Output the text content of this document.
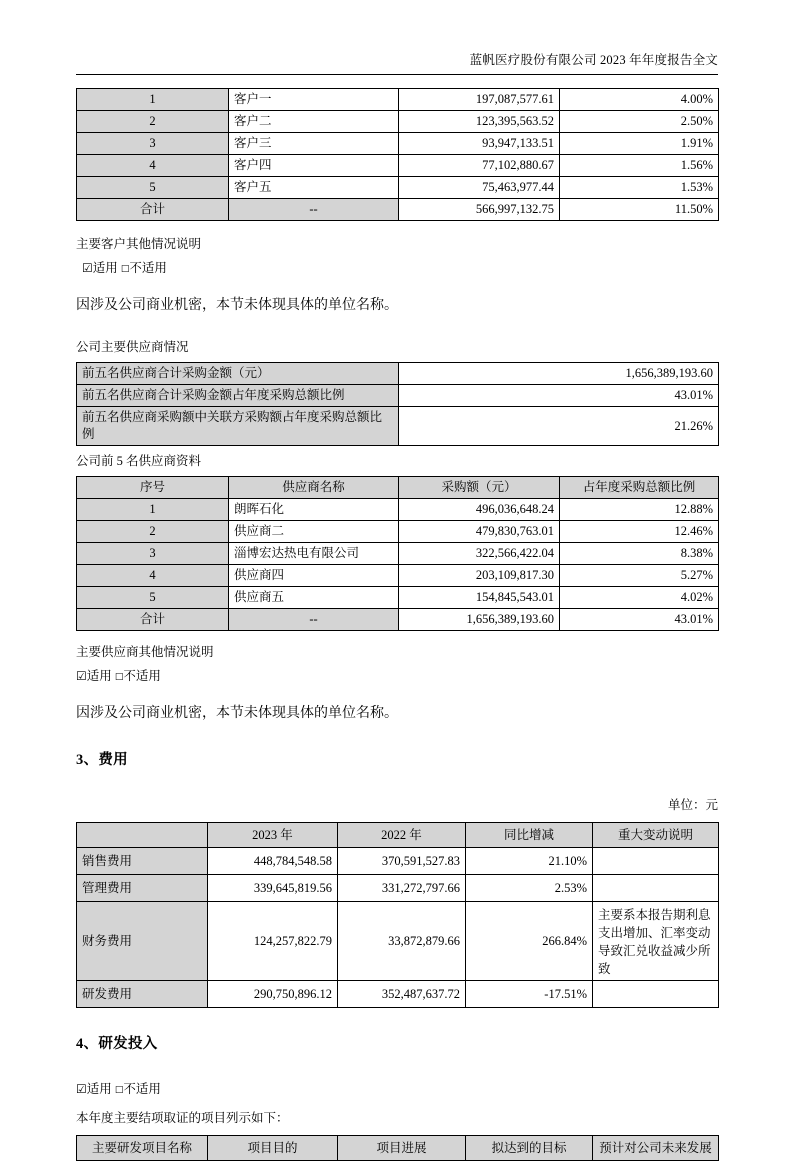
蓝帆医疗股份有限公司 2023 年年度报告全文
1	客户一	197,087,577.61	4.00%
2	客户二	123,395,563.52	2.50%
3	客户三	93,947,133.51	1.91%
4	客户四	77,102,880.67	1.56%
5	客户五	75,463,977.44	1.53%
合计	--	566,997,132.75	11.50%

主要客户其他情况说明

☑适用 □不适用

因涉及公司商业机密，本节未体现具体的单位名称。

公司主要供应商情况

前五名供应商合计采购金额（元）	1,656,389,193.60
前五名供应商合计采购金额占年度采购总额比例	43.01%
前五名供应商采购额中关联方采购额占年度采购总额比例	21.26%

公司前 5 名供应商资料

序号	供应商名称	采购额（元）	占年度采购总额比例
1	朗晖石化	496,036,648.24	12.88%
2	供应商二	479,830,763.01	12.46%
3	淄博宏达热电有限公司	322,566,422.04	8.38%
4	供应商四	203,109,817.30	5.27%
5	供应商五	154,845,543.01	4.02%
合计	--	1,656,389,193.60	43.01%

主要供应商其他情况说明

☑适用 □不适用

因涉及公司商业机密，本节未体现具体的单位名称。

3、费用
单位：元
	2023 年	2022 年	同比增减	重大变动说明
销售费用	448,784,548.58	370,591,527.83	21.10%	
管理费用	339,645,819.56	331,272,797.66	2.53%	
财务费用	124,257,822.79	33,872,879.66	266.84%	主要系本报告期利息支出增加、汇率变动导致汇兑收益减少所致
研发费用	290,750,896.12	352,487,637.72	-17.51%	
4、研发投入

☑适用 □不适用

本年度主要结项取证的项目列示如下：

主要研发项目名称	项目目的	项目进展	拟达到的目标	预计对公司未来发展
